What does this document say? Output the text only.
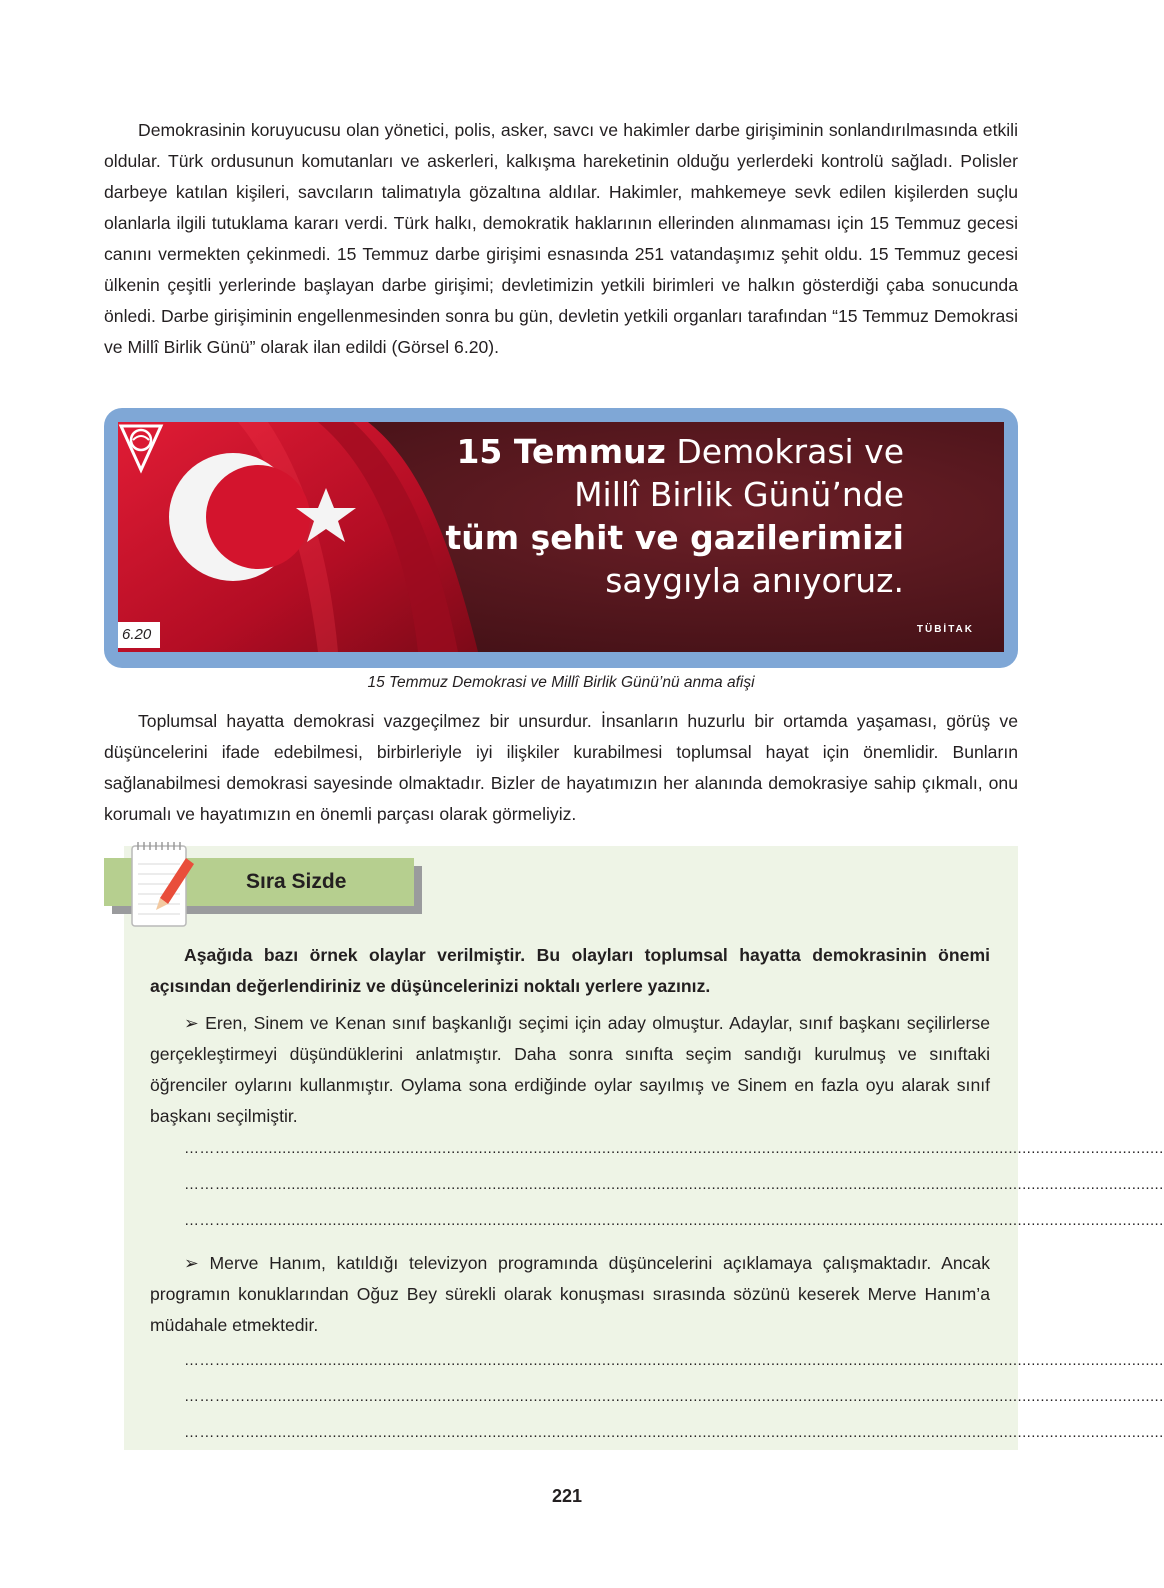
Demokrasinin koruyucusu olan yönetici, polis, asker, savcı ve hakimler darbe girişiminin sonlandırılmasında etkili oldular. Türk ordusunun komutanları ve askerleri, kalkışma hareketinin olduğu yerlerdeki kontrolü sağladı. Polisler darbeye katılan kişileri, savcıların talimatıyla gözaltına aldılar. Hakimler, mahkemeye sevk edilen kişilerden suçlu olanlarla ilgili tutuklama kararı verdi. Türk halkı, demokratik haklarının ellerinden alınmaması için 15 Temmuz gecesi canını vermekten çekinmedi. 15 Temmuz darbe girişimi esnasında 251 vatandaşımız şehit oldu. 15 Temmuz gecesi ülkenin çeşitli yerlerinde başlayan darbe girişimi; devletimizin yetkili birimleri ve halkın gösterdiği çaba sonucunda önledi. Darbe girişiminin engellenmesinden sonra bu gün, devletin yetkili organları tarafından “15 Temmuz Demokrasi ve Millî Birlik Günü” olarak ilan edildi (Görsel 6.20).

15 Temmuz Demokrasi ve
Millî Birlik Günü’nde
tüm şehit ve gazilerimizi
saygıyla anıyoruz.
TÜBİTAK
6.20

15 Temmuz Demokrasi ve Millî Birlik Günü’nü anma afişi

Toplumsal hayatta demokrasi vazgeçilmez bir unsurdur. İnsanların huzurlu bir ortamda yaşaması, görüş ve düşüncelerini ifade edebilmesi, birbirleriyle iyi ilişkiler kurabilmesi toplumsal hayat için önemlidir. Bunların sağlanabilmesi demokrasi sayesinde olmaktadır. Bizler de hayatımızın her alanında demokrasiye sahip çıkmalı, onu korumalı ve hayatımızın en önemli parçası olarak görmeliyiz.

Sıra Sizde

Aşağıda bazı örnek olaylar verilmiştir. Bu olayları toplumsal hayatta demokrasinin önemi açısından değerlendiriniz ve düşüncelerinizi noktalı yerlere yazınız.

➢ Eren, Sinem ve Kenan sınıf başkanlığı seçimi için aday olmuştur. Adaylar, sınıf başkanı seçilirlerse gerçekleştirmeyi düşündüklerini anlatmıştır. Daha sonra sınıfta seçim sandığı kurulmuş ve sınıftaki öğrenciler oylarını kullanmıştır. Oylama sona erdiğinde oylar sayılmış ve Sinem en fazla oyu alarak sınıf başkanı seçilmiştir.

………….........................................................................................................................................................................................................
………….........................................................................................................................................................................................................
………….........................................................................................................................................................................................................

➢ Merve Hanım, katıldığı televizyon programında düşüncelerini açıklamaya çalışmaktadır. Ancak programın konuklarından Oğuz Bey sürekli olarak konuşması sırasında sözünü keserek Merve Hanım’a müdahale etmektedir.

………….........................................................................................................................................................................................................
………….........................................................................................................................................................................................................
………….........................................................................................................................................................................................................

221
